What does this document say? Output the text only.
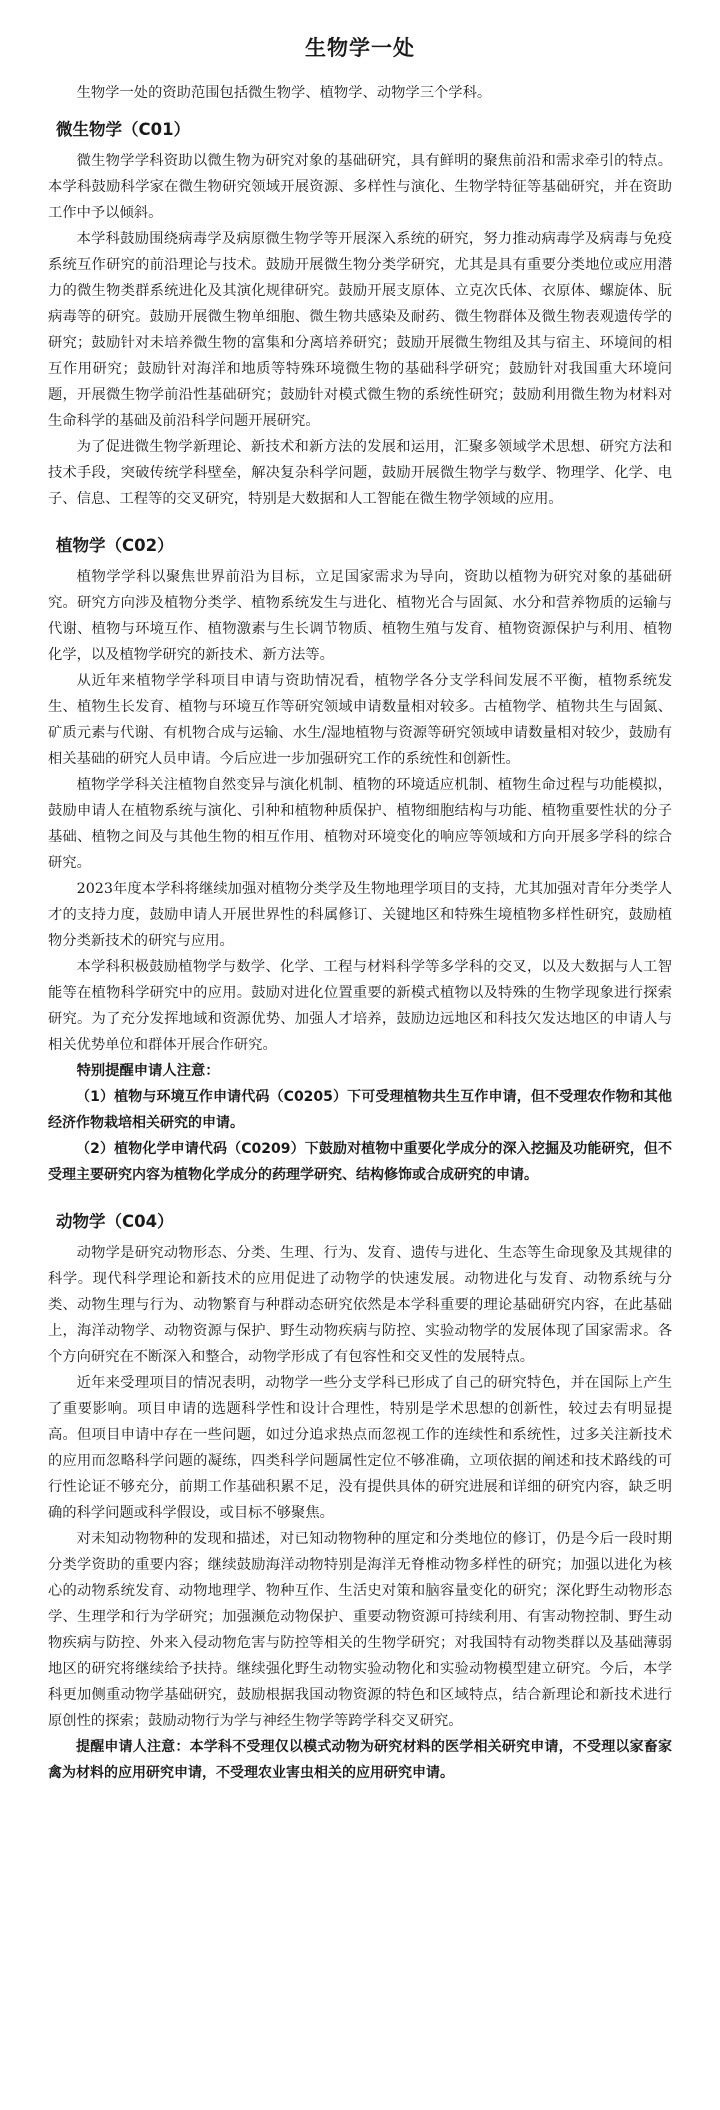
生物学一处

生物学一处的资助范围包括微生物学、植物学、动物学三个学科。

微生物学（C01）

微生物学学科资助以微生物为研究对象的基础研究，具有鲜明的聚焦前沿和需求牵引的特点。本学科鼓励科学家在微生物研究领域开展资源、多样性与演化、生物学特征等基础研究，并在资助工作中予以倾斜。

本学科鼓励围绕病毒学及病原微生物学等开展深入系统的研究，努力推动病毒学及病毒与免疫系统互作研究的前沿理论与技术。鼓励开展微生物分类学研究，尤其是具有重要分类地位或应用潜力的微生物类群系统进化及其演化规律研究。鼓励开展支原体、立克次氏体、衣原体、螺旋体、朊病毒等的研究。鼓励开展微生物单细胞、微生物共感染及耐药、微生物群体及微生物表观遗传学的研究；鼓励针对未培养微生物的富集和分离培养研究；鼓励开展微生物组及其与宿主、环境间的相互作用研究；鼓励针对海洋和地质等特殊环境微生物的基础科学研究；鼓励针对我国重大环境问题，开展微生物学前沿性基础研究；鼓励针对模式微生物的系统性研究；鼓励利用微生物为材料对生命科学的基础及前沿科学问题开展研究。

为了促进微生物学新理论、新技术和新方法的发展和运用，汇聚多领域学术思想、研究方法和技术手段，突破传统学科壁垒，解决复杂科学问题，鼓励开展微生物学与数学、物理学、化学、电子、信息、工程等的交叉研究，特别是大数据和人工智能在微生物学领域的应用。

植物学（C02）

植物学学科以聚焦世界前沿为目标，立足国家需求为导向，资助以植物为研究对象的基础研究。研究方向涉及植物分类学、植物系统发生与进化、植物光合与固氮、水分和营养物质的运输与代谢、植物与环境互作、植物激素与生长调节物质、植物生殖与发育、植物资源保护与利用、植物化学，以及植物学研究的新技术、新方法等。

从近年来植物学学科项目申请与资助情况看，植物学各分支学科间发展不平衡，植物系统发生、植物生长发育、植物与环境互作等研究领域申请数量相对较多。古植物学、植物共生与固氮、矿质元素与代谢、有机物合成与运输、水生/湿地植物与资源等研究领域申请数量相对较少，鼓励有相关基础的研究人员申请。今后应进一步加强研究工作的系统性和创新性。

植物学学科关注植物自然变异与演化机制、植物的环境适应机制、植物生命过程与功能模拟，鼓励申请人在植物系统与演化、引种和植物种质保护、植物细胞结构与功能、植物重要性状的分子基础、植物之间及与其他生物的相互作用、植物对环境变化的响应等领域和方向开展多学科的综合研究。

2023年度本学科将继续加强对植物分类学及生物地理学项目的支持，尤其加强对青年分类学人才的支持力度，鼓励申请人开展世界性的科属修订、关键地区和特殊生境植物多样性研究，鼓励植物分类新技术的研究与应用。

本学科积极鼓励植物学与数学、化学、工程与材料科学等多学科的交叉，以及大数据与人工智能等在植物科学研究中的应用。鼓励对进化位置重要的新模式植物以及特殊的生物学现象进行探索研究。为了充分发挥地域和资源优势、加强人才培养，鼓励边远地区和科技欠发达地区的申请人与相关优势单位和群体开展合作研究。

特别提醒申请人注意：

（1）植物与环境互作申请代码（C0205）下可受理植物共生互作申请，但不受理农作物和其他经济作物栽培相关研究的申请。

（2）植物化学申请代码（C0209）下鼓励对植物中重要化学成分的深入挖掘及功能研究，但不受理主要研究内容为植物化学成分的药理学研究、结构修饰或合成研究的申请。

动物学（C04）

动物学是研究动物形态、分类、生理、行为、发育、遗传与进化、生态等生命现象及其规律的科学。现代科学理论和新技术的应用促进了动物学的快速发展。动物进化与发育、动物系统与分类、动物生理与行为、动物繁育与种群动态研究依然是本学科重要的理论基础研究内容，在此基础上，海洋动物学、动物资源与保护、野生动物疾病与防控、实验动物学的发展体现了国家需求。各个方向研究在不断深入和整合，动物学形成了有包容性和交叉性的发展特点。

近年来受理项目的情况表明，动物学一些分支学科已形成了自己的研究特色，并在国际上产生了重要影响。项目申请的选题科学性和设计合理性，特别是学术思想的创新性，较过去有明显提高。但项目申请中存在一些问题，如过分追求热点而忽视工作的连续性和系统性，过多关注新技术的应用而忽略科学问题的凝练，四类科学问题属性定位不够准确，立项依据的阐述和技术路线的可行性论证不够充分，前期工作基础积累不足，没有提供具体的研究进展和详细的研究内容，缺乏明确的科学问题或科学假设，或目标不够聚焦。

对未知动物物种的发现和描述，对已知动物物种的厘定和分类地位的修订，仍是今后一段时期分类学资助的重要内容；继续鼓励海洋动物特别是海洋无脊椎动物多样性的研究；加强以进化为核心的动物系统发育、动物地理学、物种互作、生活史对策和脑容量变化的研究；深化野生动物形态学、生理学和行为学研究；加强濒危动物保护、重要动物资源可持续利用、有害动物控制、野生动物疾病与防控、外来入侵动物危害与防控等相关的生物学研究；对我国特有动物类群以及基础薄弱地区的研究将继续给予扶持。继续强化野生动物实验动物化和实验动物模型建立研究。今后，本学科更加侧重动物学基础研究，鼓励根据我国动物资源的特色和区域特点，结合新理论和新技术进行原创性的探索；鼓励动物行为学与神经生物学等跨学科交叉研究。

提醒申请人注意：本学科不受理仅以模式动物为研究材料的医学相关研究申请，不受理以家畜家禽为材料的应用研究申请，不受理农业害虫相关的应用研究申请。
